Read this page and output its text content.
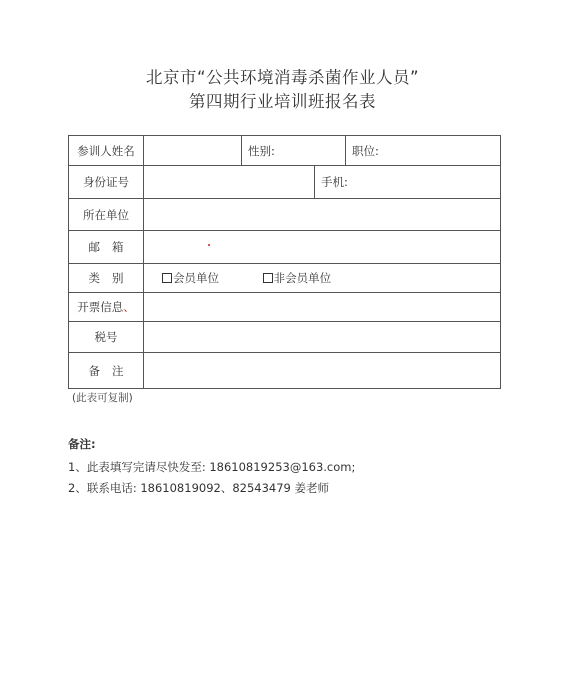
北京市“公共环境消毒杀菌作业人员”
第四期行业培训班报名表
参训人姓名		性别:		职位:
身份证号			手机:	
所在单位				
邮箱				
类别	会员单位 非会员单位			
开票信息、				
税号				
备注				
(此表可复制)
备注:
1、此表填写完请尽快发至: 18610819253@163.com;
2、联系电话: 18610819092、82543479 姜老师
